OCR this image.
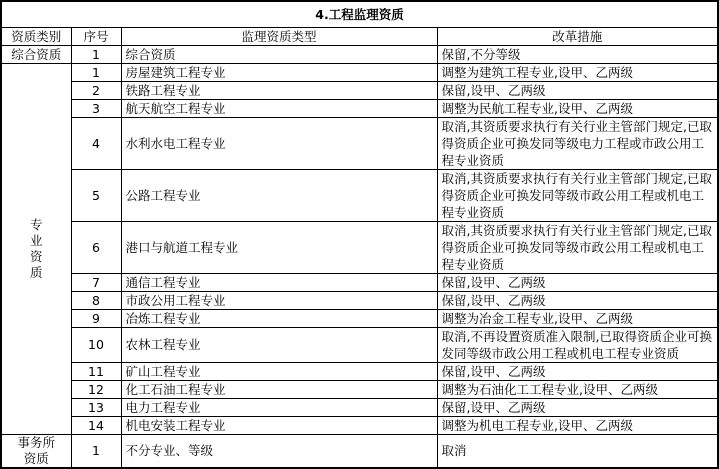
4.工程监理资质			
资质类别	序号	监理资质类型	改革措施
综合资质	1	综合资质	保留,不分等级
专业资质	1	房屋建筑工程专业	调整为建筑工程专业,设甲、乙两级
	2	铁路工程专业	保留,设甲、乙两级
	3	航天航空工程专业	调整为民航工程专业,设甲、乙两级
	4	水利水电工程专业	取消,其资质要求执行有关行业主管部门规定,已取得资质企业可换发同等级电力工程或市政公用工程专业资质
	5	公路工程专业	取消,其资质要求执行有关行业主管部门规定,已取得资质企业可换发同等级市政公用工程或机电工程专业资质
	6	港口与航道工程专业	取消,其资质要求执行有关行业主管部门规定,已取得资质企业可换发同等级市政公用工程或机电工程专业资质
	7	通信工程专业	保留,设甲、乙两级
	8	市政公用工程专业	保留,设甲、乙两级
	9	冶炼工程专业	调整为冶金工程专业,设甲、乙两级
	10	农林工程专业	取消,不再设置资质准入限制,已取得资质企业可换发同等级市政公用工程或机电工程专业资质
	11	矿山工程专业	保留,设甲、乙两级
	12	化工石油工程专业	调整为石油化工工程专业,设甲、乙两级
	13	电力工程专业	保留,设甲、乙两级
	14	机电安装工程专业	调整为机电工程专业,设甲、乙两级
事务所资质	1	不分专业、等级	取消
